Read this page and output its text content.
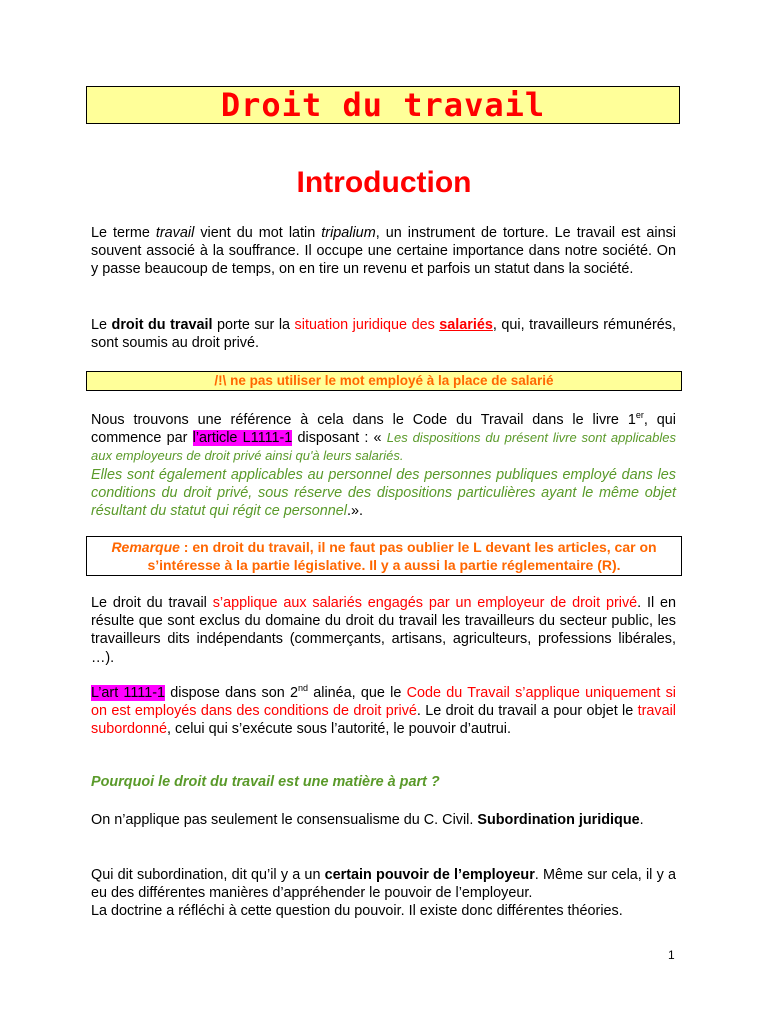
Droit du travail
Introduction
Le terme travail vient du mot latin tripalium, un instrument de torture. Le travail est ainsi souvent associé à la souffrance. Il occupe une certaine importance dans notre société. On y passe beaucoup de temps, on en tire un revenu et parfois un statut dans la société.
Le droit du travail porte sur la situation juridique des salariés, qui, travailleurs rémunérés, sont soumis au droit privé.
/!\ ne pas utiliser le mot employé à la place de salarié
Nous trouvons une référence à cela dans le Code du Travail dans le livre 1er, qui commence par l’article L1111-1 disposant : « Les dispositions du présent livre sont applicables aux employeurs de droit privé ainsi qu'à leurs salariés.
Elles sont également applicables au personnel des personnes publiques employé dans les conditions du droit privé, sous réserve des dispositions particulières ayant le même objet résultant du statut qui régit ce personnel.».
Remarque : en droit du travail, il ne faut pas oublier le L devant les articles, car on s’intéresse à la partie législative. Il y a aussi la partie réglementaire (R).
Le droit du travail s’applique aux salariés engagés par un employeur de droit privé. Il en résulte que sont exclus du domaine du droit du travail les travailleurs du secteur public, les travailleurs dits indépendants (commerçants, artisans, agriculteurs, professions libérales, …).
L’art 1111-1 dispose dans son 2nd alinéa, que le Code du Travail s’applique uniquement si on est employés dans des conditions de droit privé. Le droit du travail a pour objet le travail subordonné, celui qui s’exécute sous l’autorité, le pouvoir d’autrui.
Pourquoi le droit du travail est une matière à part ?
On n’applique pas seulement le consensualisme du C. Civil. Subordination juridique.
Qui dit subordination, dit qu’il y a un certain pouvoir de l’employeur. Même sur cela, il y a eu des différentes manières d’appréhender le pouvoir de l’employeur.
La doctrine a réfléchi à cette question du pouvoir. Il existe donc différentes théories.
1
